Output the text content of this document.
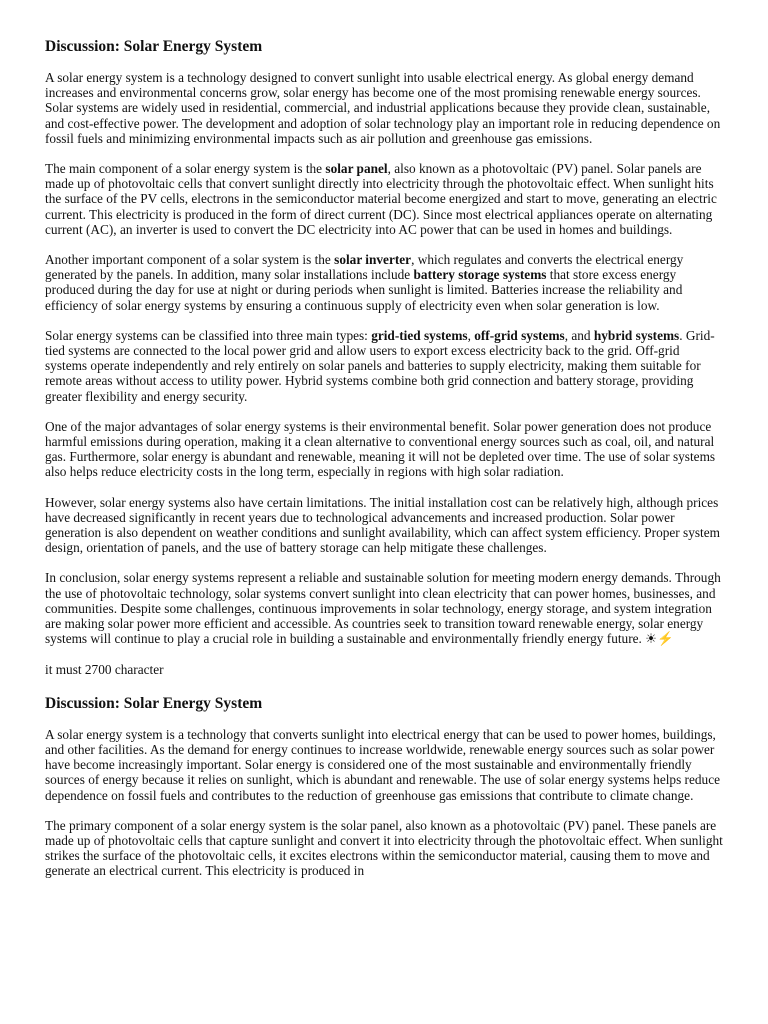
Discussion: Solar Energy System

A solar energy system is a technology designed to convert sunlight into usable electrical energy. As global energy demand increases and environmental concerns grow, solar energy has become one of the most promising renewable energy sources. Solar systems are widely used in residential, commercial, and industrial applications because they provide clean, sustainable, and cost-effective power. The development and adoption of solar technology play an important role in reducing dependence on fossil fuels and minimizing environmental impacts such as air pollution and greenhouse gas emissions.

The main component of a solar energy system is the solar panel, also known as a photovoltaic (PV) panel. Solar panels are made up of photovoltaic cells that convert sunlight directly into electricity through the photovoltaic effect. When sunlight hits the surface of the PV cells, electrons in the semiconductor material become energized and start to move, generating an electric current. This electricity is produced in the form of direct current (DC). Since most electrical appliances operate on alternating current (AC), an inverter is used to convert the DC electricity into AC power that can be used in homes and buildings.

Another important component of a solar system is the solar inverter, which regulates and converts the electrical energy generated by the panels. In addition, many solar installations include battery storage systems that store excess energy produced during the day for use at night or during periods when sunlight is limited. Batteries increase the reliability and efficiency of solar energy systems by ensuring a continuous supply of electricity even when solar generation is low.

Solar energy systems can be classified into three main types: grid-tied systems, off-grid systems, and hybrid systems. Grid-tied systems are connected to the local power grid and allow users to export excess electricity back to the grid. Off-grid systems operate independently and rely entirely on solar panels and batteries to supply electricity, making them suitable for remote areas without access to utility power. Hybrid systems combine both grid connection and battery storage, providing greater flexibility and energy security.

One of the major advantages of solar energy systems is their environmental benefit. Solar power generation does not produce harmful emissions during operation, making it a clean alternative to conventional energy sources such as coal, oil, and natural gas. Furthermore, solar energy is abundant and renewable, meaning it will not be depleted over time. The use of solar systems also helps reduce electricity costs in the long term, especially in regions with high solar radiation.

However, solar energy systems also have certain limitations. The initial installation cost can be relatively high, although prices have decreased significantly in recent years due to technological advancements and increased production. Solar power generation is also dependent on weather conditions and sunlight availability, which can affect system efficiency. Proper system design, orientation of panels, and the use of battery storage can help mitigate these challenges.

In conclusion, solar energy systems represent a reliable and sustainable solution for meeting modern energy demands. Through the use of photovoltaic technology, solar systems convert sunlight into clean electricity that can power homes, businesses, and communities. Despite some challenges, continuous improvements in solar technology, energy storage, and system integration are making solar power more efficient and accessible. As countries seek to transition toward renewable energy, solar energy systems will continue to play a crucial role in building a sustainable and environmentally friendly energy future. ☀⚡

it must 2700 character

Discussion: Solar Energy System

A solar energy system is a technology that converts sunlight into electrical energy that can be used to power homes, buildings, and other facilities. As the demand for energy continues to increase worldwide, renewable energy sources such as solar power have become increasingly important. Solar energy is considered one of the most sustainable and environmentally friendly sources of energy because it relies on sunlight, which is abundant and renewable. The use of solar energy systems helps reduce dependence on fossil fuels and contributes to the reduction of greenhouse gas emissions that contribute to climate change.

The primary component of a solar energy system is the solar panel, also known as a photovoltaic (PV) panel. These panels are made up of photovoltaic cells that capture sunlight and convert it into electricity through the photovoltaic effect. When sunlight strikes the surface of the photovoltaic cells, it excites electrons within the semiconductor material, causing them to move and generate an electrical current. This electricity is produced in
